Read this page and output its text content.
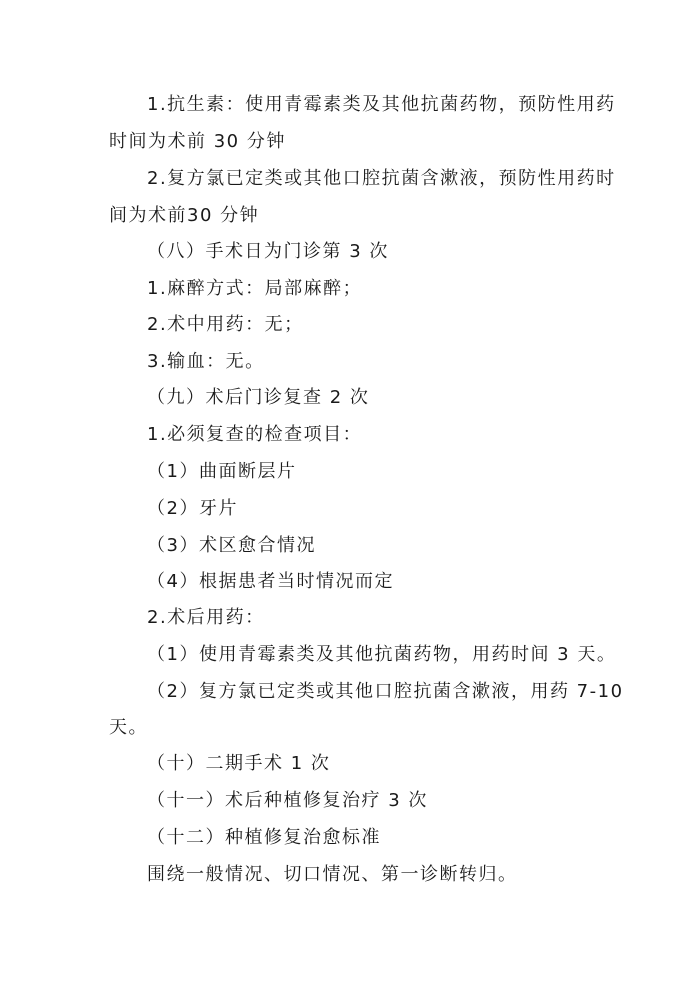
1.抗生素：使用青霉素类及其他抗菌药物，预防性用药

时间为术前 30 分钟

2.复方氯已定类或其他口腔抗菌含漱液，预防性用药时

间为术前30 分钟

（八）手术日为门诊第 3 次

1.麻醉方式：局部麻醉；

2.术中用药：无；

3.输血：无。

（九）术后门诊复查 2 次

1.必须复查的检查项目：

（1）曲面断层片

（2）牙片

（3）术区愈合情况

（4）根据患者当时情况而定

2.术后用药：

（1）使用青霉素类及其他抗菌药物，用药时间 3 天。

（2）复方氯已定类或其他口腔抗菌含漱液，用药 7-10

天。

（十）二期手术 1 次

（十一）术后种植修复治疗 3 次

（十二）种植修复治愈标准

围绕一般情况、切口情况、第一诊断转归。
